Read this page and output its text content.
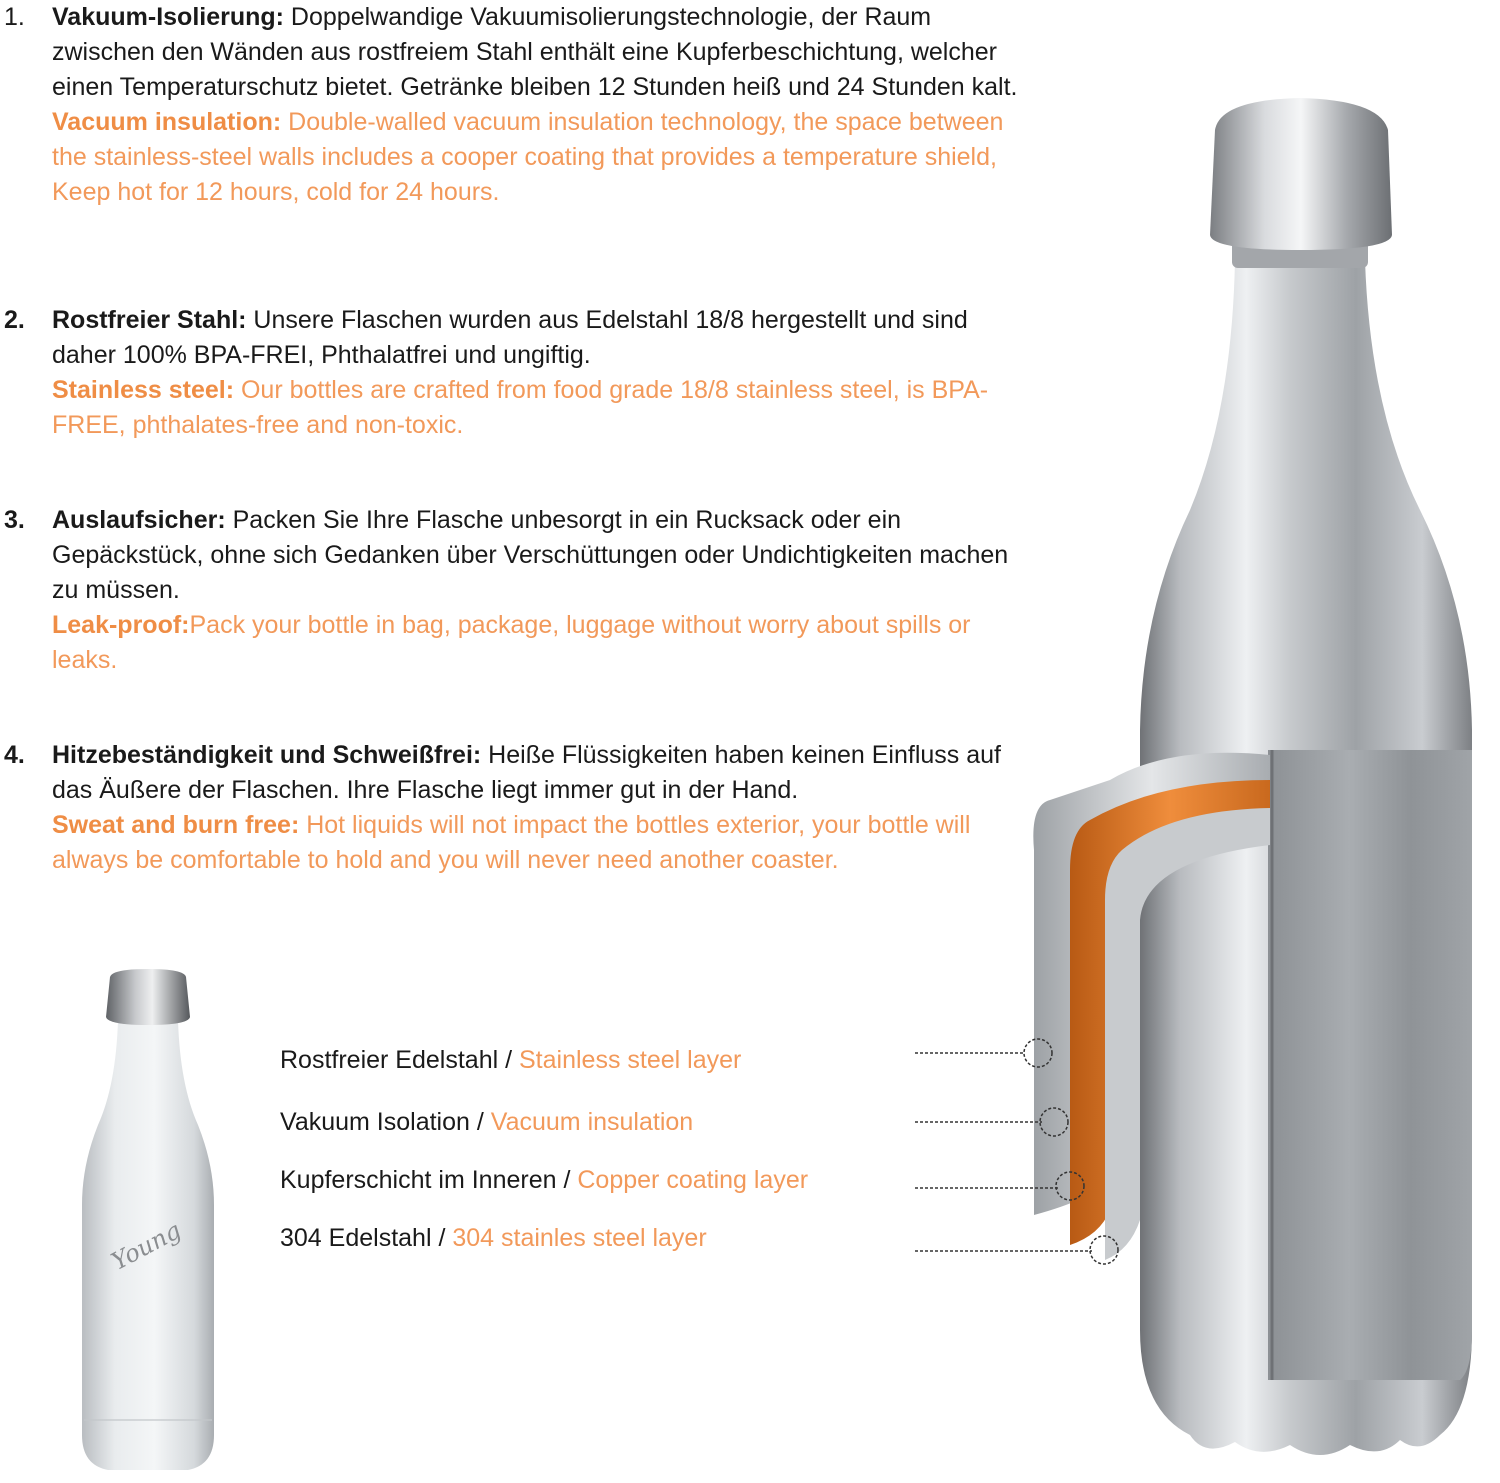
1. Vakuum-Isolierung: Doppelwandige Vakuumisolierungstechnologie, der Raum zwischen den Wänden aus rostfreiem Stahl enthält eine Kupferbeschichtung, welcher einen Temperaturschutz bietet. Getränke bleiben 12 Stunden heiß und 24 Stunden kalt.
Vacuum insulation: Double-walled vacuum insulation technology, the space between the stainless-steel walls includes a cooper coating that provides a temperature shield, Keep hot for 12 hours, cold for 24 hours.
2. Rostfreier Stahl: Unsere Flaschen wurden aus Edelstahl 18/8 hergestellt und sind daher 100% BPA-FREI, Phthalatfrei und ungiftig.
Stainless steel: Our bottles are crafted from food grade 18/8 stainless steel, is BPA-FREE, phthalates-free and non-toxic.
3. Auslaufsicher: Packen Sie Ihre Flasche unbesorgt in ein Rucksack oder ein Gepäckstück, ohne sich Gedanken über Verschüttungen oder Undichtigkeiten machen zu müssen.
Leak-proof:Pack your bottle in bag, package, luggage without worry about spills or leaks.
4. Hitzebeständigkeit und Schweißfrei: Heiße Flüssigkeiten haben keinen Einfluss auf das Äußere der Flaschen. Ihre Flasche liegt immer gut in der Hand.
Sweat and burn free: Hot liquids will not impact the bottles exterior, your bottle will always be comfortable to hold and you will never need another coaster.
Rostfreier Edelstahl / Stainless steel layer
Vakuum Isolation / Vacuum insulation
Kupferschicht im Inneren / Copper coating layer
304 Edelstahl / 304 stainles steel layer
Young
